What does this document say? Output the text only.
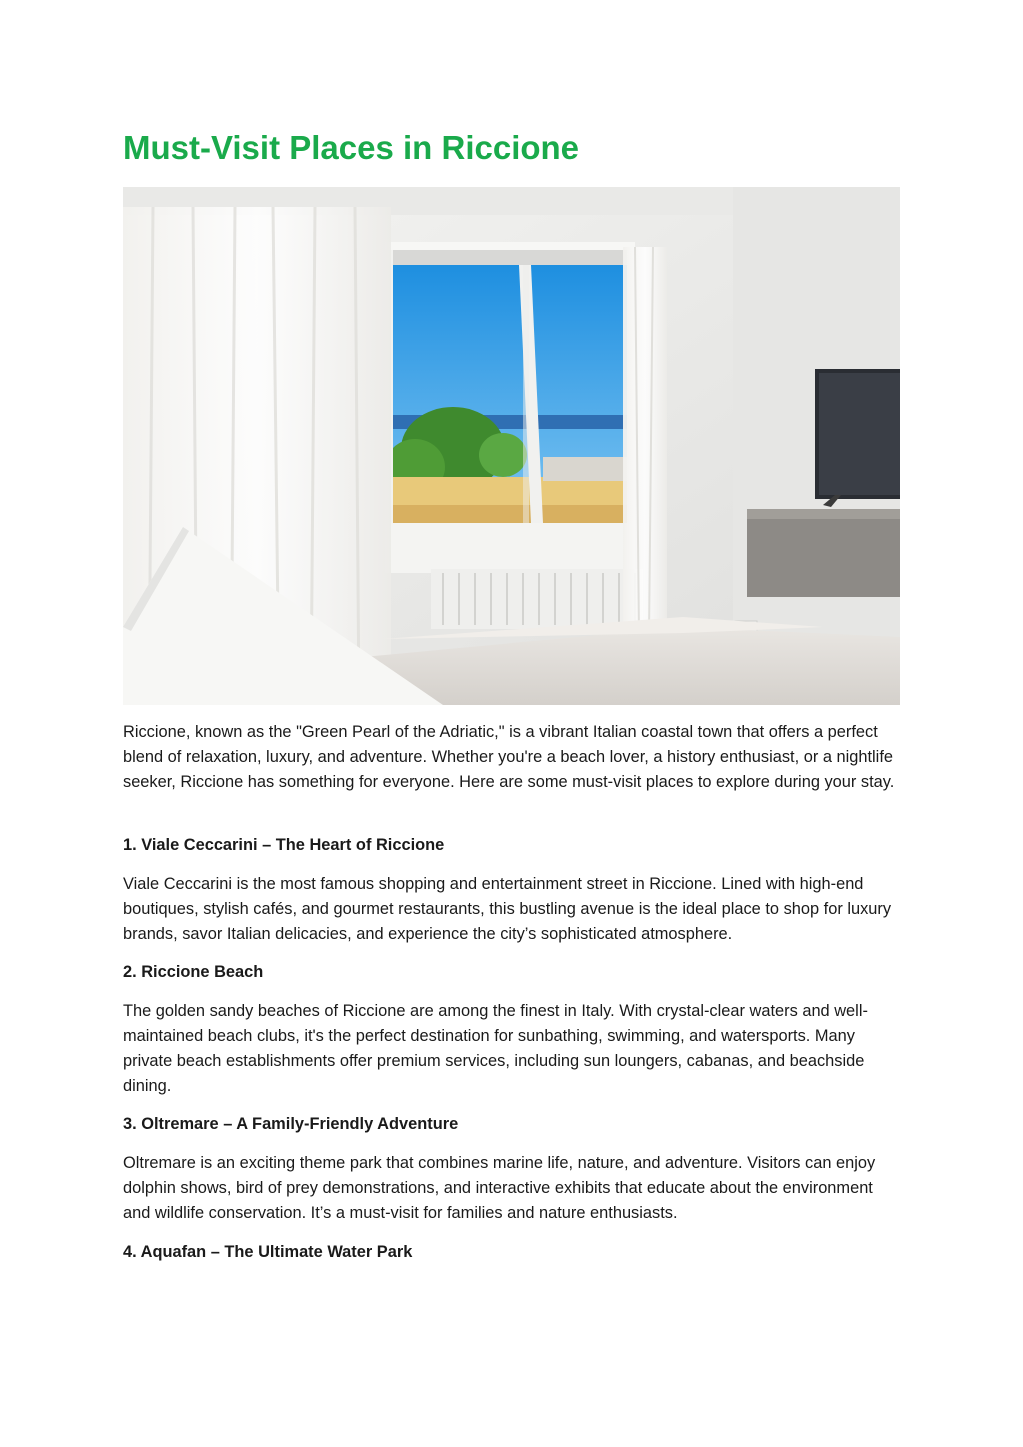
Must-Visit Places in Riccione

Riccione, known as the "Green Pearl of the Adriatic," is a vibrant Italian coastal town that offers a perfect blend of relaxation, luxury, and adventure. Whether you're a beach lover, a history enthusiast, or a nightlife seeker, Riccione has something for everyone. Here are some must-visit places to explore during your stay.

1. Viale Ceccarini – The Heart of Riccione

Viale Ceccarini is the most famous shopping and entertainment street in Riccione. Lined with high-end boutiques, stylish cafés, and gourmet restaurants, this bustling avenue is the ideal place to shop for luxury brands, savor Italian delicacies, and experience the city’s sophisticated atmosphere.

2. Riccione Beach

The golden sandy beaches of Riccione are among the finest in Italy. With crystal-clear waters and well-maintained beach clubs, it's the perfect destination for sunbathing, swimming, and watersports. Many private beach establishments offer premium services, including sun loungers, cabanas, and beachside dining.

3. Oltremare – A Family-Friendly Adventure

Oltremare is an exciting theme park that combines marine life, nature, and adventure. Visitors can enjoy dolphin shows, bird of prey demonstrations, and interactive exhibits that educate about the environment and wildlife conservation. It’s a must-visit for families and nature enthusiasts.

4. Aquafan – The Ultimate Water Park
